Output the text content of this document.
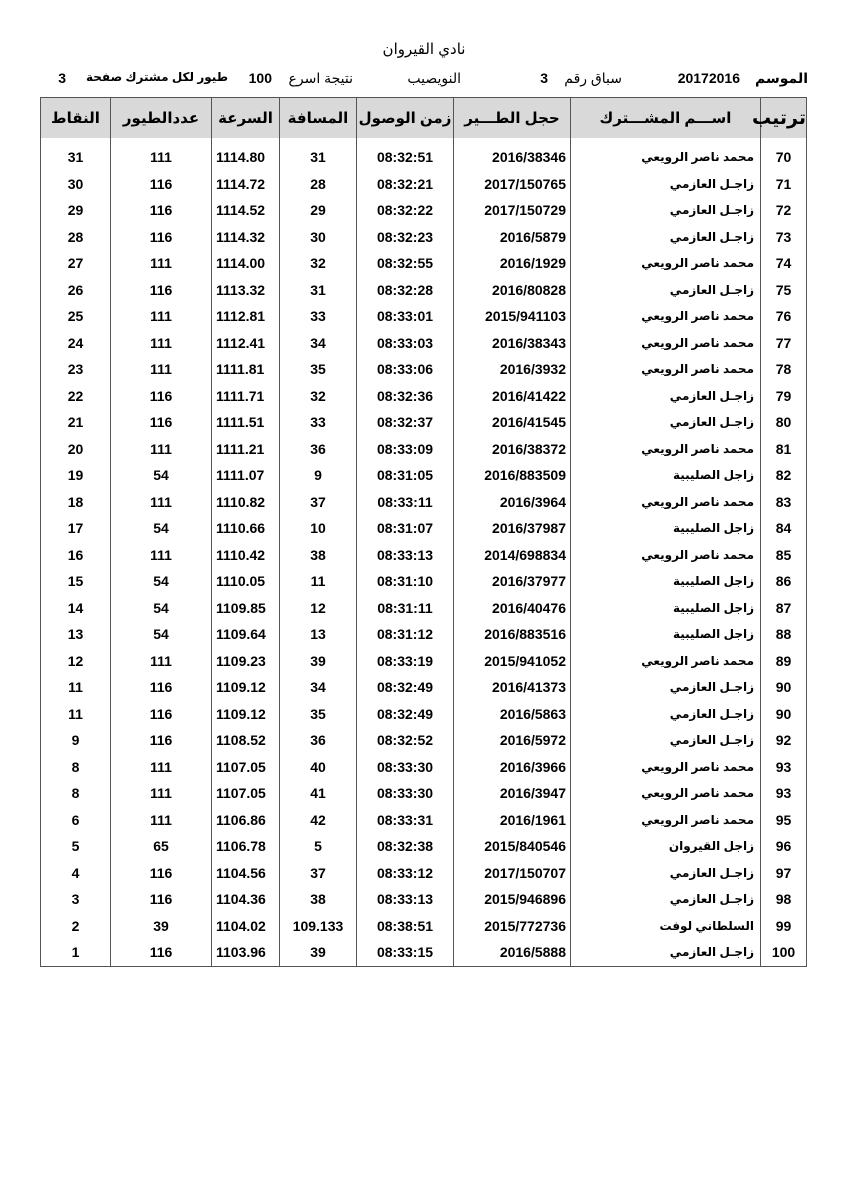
نادي القيروان
الموسم
20172016
سباق رقم
3
النويصيب
نتيجة اسرع
100
طيور لكل مشترك صفحة
3
ترتيب	اســـم المشـــترك	حجل الطـــير	زمن الوصول	المسافة	السرعة	عددالطيور	النقاط

70	محمد ناصر الرويعي	2016/38346	08:32:51	31	1114.80	111	31
71	زاجـل العازمي	2017/150765	08:32:21	28	1114.72	116	30
72	زاجـل العازمي	2017/150729	08:32:22	29	1114.52	116	29
73	زاجـل العازمي	2016/5879	08:32:23	30	1114.32	116	28
74	محمد ناصر الرويعي	2016/1929	08:32:55	32	1114.00	111	27
75	زاجـل العازمي	2016/80828	08:32:28	31	1113.32	116	26
76	محمد ناصر الرويعي	2015/941103	08:33:01	33	1112.81	111	25
77	محمد ناصر الرويعي	2016/38343	08:33:03	34	1112.41	111	24
78	محمد ناصر الرويعي	2016/3932	08:33:06	35	1111.81	111	23
79	زاجـل العازمي	2016/41422	08:32:36	32	1111.71	116	22
80	زاجـل العازمي	2016/41545	08:32:37	33	1111.51	116	21
81	محمد ناصر الرويعي	2016/38372	08:33:09	36	1111.21	111	20
82	زاجل الصليبية	2016/883509	08:31:05	9	1111.07	54	19
83	محمد ناصر الرويعي	2016/3964	08:33:11	37	1110.82	111	18
84	زاجل الصليبية	2016/37987	08:31:07	10	1110.66	54	17
85	محمد ناصر الرويعي	2014/698834	08:33:13	38	1110.42	111	16
86	زاجل الصليبية	2016/37977	08:31:10	11	1110.05	54	15
87	زاجل الصليبية	2016/40476	08:31:11	12	1109.85	54	14
88	زاجل الصليبية	2016/883516	08:31:12	13	1109.64	54	13
89	محمد ناصر الرويعي	2015/941052	08:33:19	39	1109.23	111	12
90	زاجـل العازمي	2016/41373	08:32:49	34	1109.12	116	11
90	زاجـل العازمي	2016/5863	08:32:49	35	1109.12	116	11
92	زاجـل العازمي	2016/5972	08:32:52	36	1108.52	116	9
93	محمد ناصر الرويعي	2016/3966	08:33:30	40	1107.05	111	8
93	محمد ناصر الرويعي	2016/3947	08:33:30	41	1107.05	111	8
95	محمد ناصر الرويعي	2016/1961	08:33:31	42	1106.86	111	6
96	زاجل القيروان	2015/840546	08:32:38	5	1106.78	65	5
97	زاجـل العازمي	2017/150707	08:33:12	37	1104.56	116	4
98	زاجـل العازمي	2015/946896	08:33:13	38	1104.36	116	3
99	السلطاني لوفت	2015/772736	08:38:51	109.133	1104.02	39	2
100	زاجـل العازمي	2016/5888	08:33:15	39	1103.96	116	1
